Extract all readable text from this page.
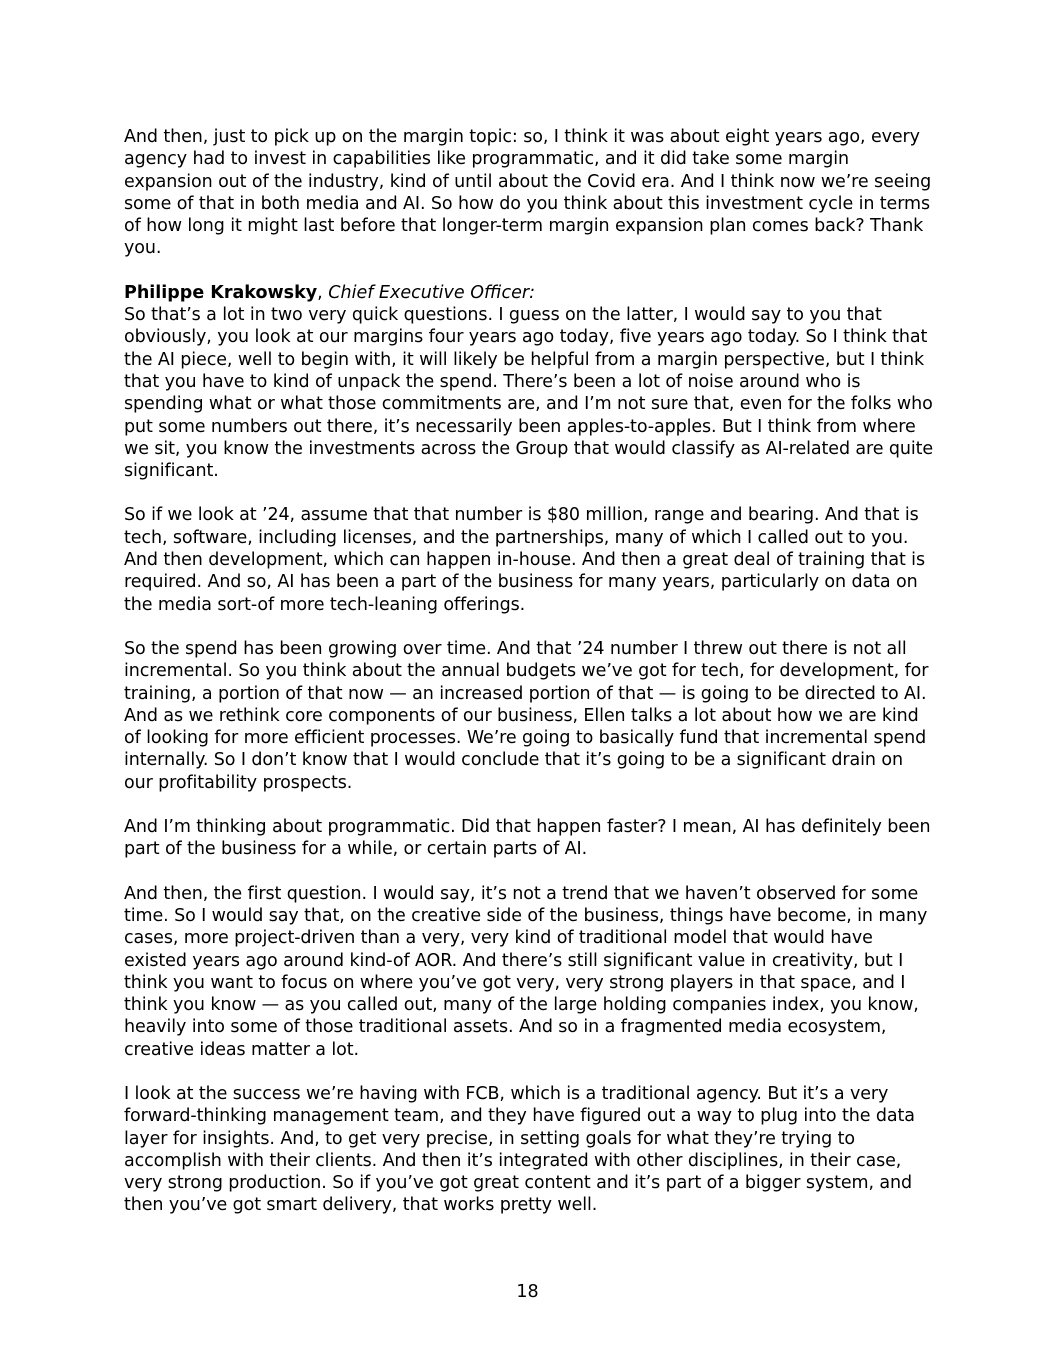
And then, just to pick up on the margin topic: so, I think it was about eight years ago, every agency had to invest in capabilities like programmatic, and it did take some margin expansion out of the industry, kind of until about the Covid era. And I think now we’re seeing some of that in both media and AI. So how do you think about this investment cycle in terms of how long it might last before that longer-term margin expansion plan comes back? Thank you.

Philippe Krakowsky, Chief Executive Officer:

So that’s a lot in two very quick questions. I guess on the latter, I would say to you that obviously, you look at our margins four years ago today, five years ago today. So I think that the AI piece, well to begin with, it will likely be helpful from a margin perspective, but I think that you have to kind of unpack the spend. There’s been a lot of noise around who is spending what or what those commitments are, and I’m not sure that, even for the folks who put some numbers out there, it’s necessarily been apples-to-apples. But I think from where we sit, you know the investments across the Group that would classify as AI-related are quite significant.

So if we look at ’24, assume that that number is $80 million, range and bearing. And that is tech, software, including licenses, and the partnerships, many of which I called out to you. And then development, which can happen in-house. And then a great deal of training that is required. And so, AI has been a part of the business for many years, particularly on data on the media sort-of more tech-leaning offerings.

So the spend has been growing over time. And that ’24 number I threw out there is not all incremental. So you think about the annual budgets we’ve got for tech, for development, for training, a portion of that now — an increased portion of that — is going to be directed to AI. And as we rethink core components of our business, Ellen talks a lot about how we are kind of looking for more efficient processes. We’re going to basically fund that incremental spend internally. So I don’t know that I would conclude that it’s going to be a significant drain on our profitability prospects.

And I’m thinking about programmatic. Did that happen faster? I mean, AI has definitely been part of the business for a while, or certain parts of AI.

And then, the first question. I would say, it’s not a trend that we haven’t observed for some time. So I would say that, on the creative side of the business, things have become, in many cases, more project-driven than a very, very kind of traditional model that would have existed years ago around kind-of AOR. And there’s still significant value in creativity, but I think you want to focus on where you’ve got very, very strong players in that space, and I think you know — as you called out, many of the large holding companies index, you know, heavily into some of those traditional assets. And so in a fragmented media ecosystem, creative ideas matter a lot.

I look at the success we’re having with FCB, which is a traditional agency. But it’s a very forward-thinking management team, and they have figured out a way to plug into the data layer for insights. And, to get very precise, in setting goals for what they’re trying to accomplish with their clients. And then it’s integrated with other disciplines, in their case, very strong production. So if you’ve got great content and it’s part of a bigger system, and then you’ve got smart delivery, that works pretty well.

18
